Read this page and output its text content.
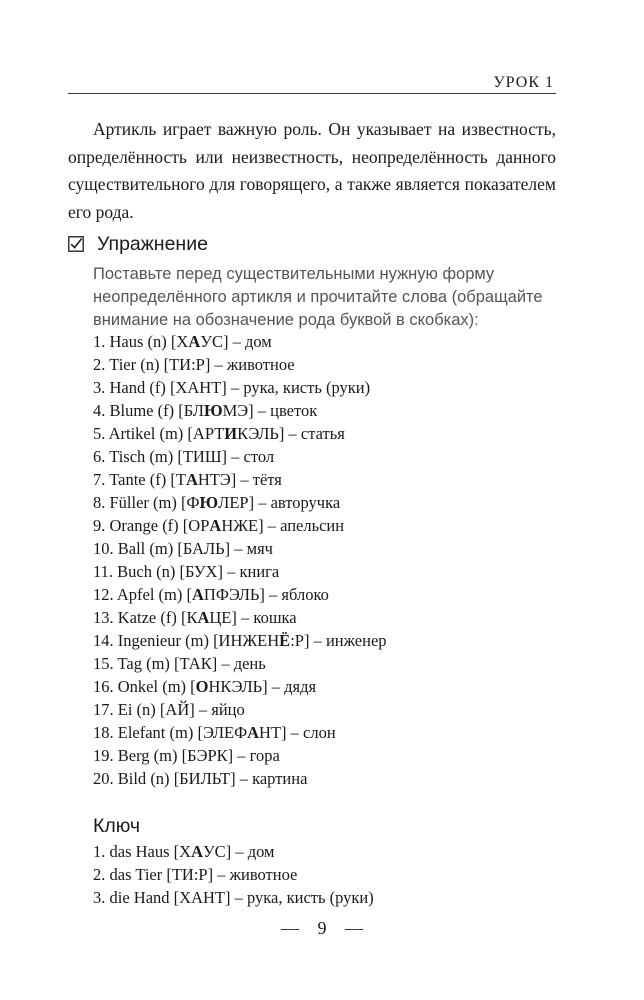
УРОК 1

Артикль играет важную роль. Он указывает на известность, определённость или неизвестность, неопределённость данного существительного для говорящего, а также является показателем его рода.

Упражнение

Поставьте перед существительными нужную форму неопределённого артикля и прочитайте слова (обращайте внимание на обозначение рода буквой в скобках):

1. Haus (n) [ХАУС] – дом
2. Tier (n) [ТИ:Р] – животное
3. Hand (f) [ХАНТ] – рука, кисть (руки)
4. Blume (f) [БЛЮМЭ] – цветок
5. Artikel (m) [АРТИКЭЛЬ] – статья
6. Tisch (m) [ТИШ] – стол
7. Tante (f) [ТАНТЭ] – тётя
8. Füller (m) [ФЮЛЕР] – авторучка
9. Orange (f) [ОРАНЖЕ] – апельсин
10. Ball (m) [БАЛЬ] – мяч
11. Buch (n) [БУХ] – книга
12. Apfel (m) [АПФЭЛЬ] – яблоко
13. Katze (f) [КАЦЕ] – кошка
14. Ingenieur (m) [ИНЖЕНЁ:Р] – инженер
15. Tag (m) [ТАК] – день
16. Onkel (m) [ОНКЭЛЬ] – дядя
17. Ei (n) [АЙ] – яйцо
18. Elefant (m) [ЭЛЕФАНТ] – слон
19. Berg (m) [БЭРК] – гора
20. Bild (n) [БИЛЬТ] – картина
Ключ
1. das Haus [ХАУС] – дом
2. das Tier [ТИ:Р] – животное
3. die Hand [ХАНТ] – рука, кисть (руки)
— 9 —
